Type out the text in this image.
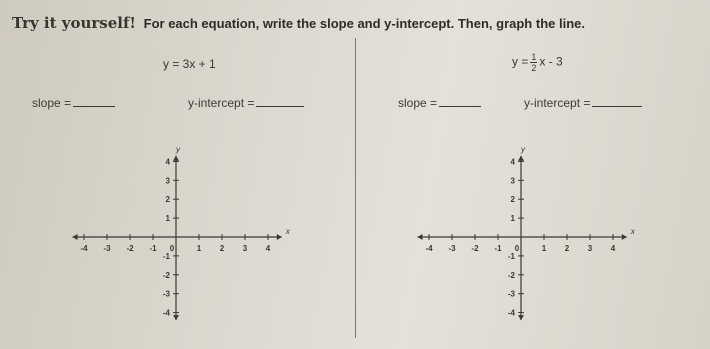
Try it yourself! For each equation, write the slope and y-intercept. Then, graph the line.
y = 3x + 1
slope =	y-intercept =
$y = \frac{1}{2}$ x - 3
slope =	y-intercept =
-4 -3 -2 -1 0	1 2 3 4
4
3
2
1
-1
-2
-3
-4
x
y
-4 -3 -2 -1 0	1 2 3 4
4
3
2
1
-1
-2
-3
-4
x
y
